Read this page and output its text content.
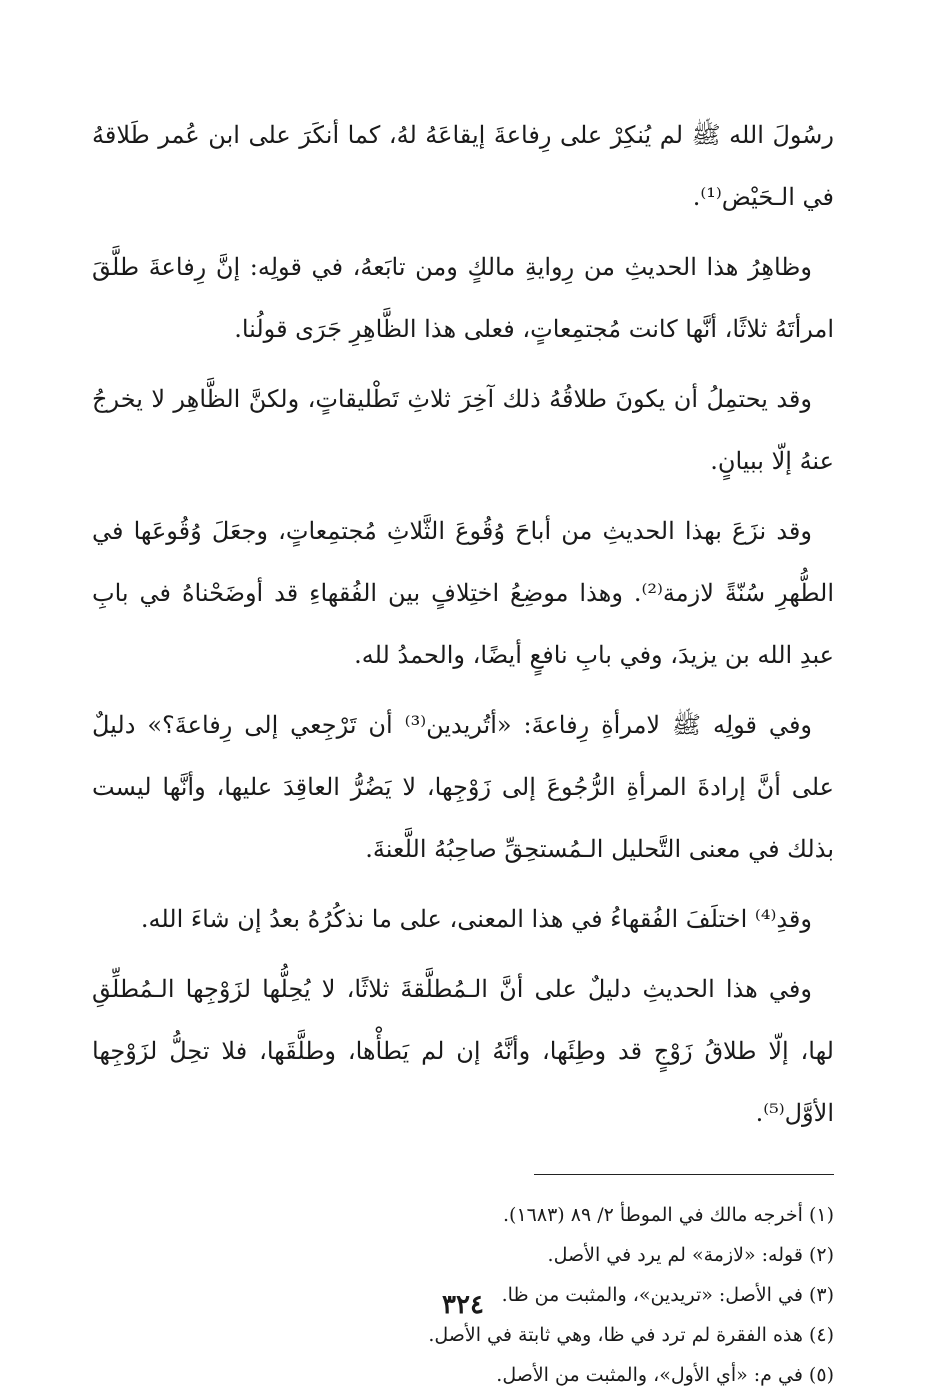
رسُولَ الله ﷺ لم يُنكِرْ على رِفاعةَ إيقاعَهُ لهُ، كما أنكَرَ على ابن عُمر طَلاقهُ في الـحَيْض⁽¹⁾.

وظاهِرُ هذا الحديثِ من رِوايةِ مالكٍ ومن تابَعهُ، في قولِه: إنَّ رِفاعةَ طلَّقَ امرأتَهُ ثلاثًا، أنَّها كانت مُجتمِعاتٍ، فعلى هذا الظَّاهِرِ جَرَى قولُنا.

وقد يحتمِلُ أن يكونَ طلاقُهُ ذلك آخِرَ ثلاثِ تَطْليقاتٍ، ولكنَّ الظَّاهِر لا يخرجُ عنهُ إلّا ببيانٍ.

وقد نزَعَ بهذا الحديثِ من أباحَ وُقُوعَ الثَّلاثِ مُجتمِعاتٍ، وجعَلَ وُقُوعَها في الطُّهرِ سُنّةً لازمة⁽²⁾. وهذا موضِعُ اختِلافٍ بين الفُقهاءِ قد أوضَحْناهُ في بابِ عبدِ الله بن يزيدَ، وفي بابِ نافعٍ أيضًا، والحمدُ لله.

وفي قولِه ﷺ لامرأةِ رِفاعةَ: «أتُريدين⁽³⁾ أن تَرْجِعي إلى رِفاعةَ؟» دليلٌ على أنَّ إرادةَ المرأةِ الرُّجُوعَ إلى زَوْجِها، لا يَضُرُّ العاقِدَ عليها، وأنَّها ليست بذلك في معنى التَّحليل الـمُستحِقِّ صاحِبُهُ اللَّعنةَ.

وقدِ⁽⁴⁾ اختلَفَ الفُقهاءُ في هذا المعنى، على ما نذكُرُهُ بعدُ إن شاءَ الله.

وفي هذا الحديثِ دليلٌ على أنَّ الـمُطلَّقةَ ثلاثًا، لا يُحِلُّها لزَوْجِها الـمُطلِّقِ لها، إلّا طلاقُ زَوْجٍ قد وطِئَها، وأنَّهُ إن لم يَطأْها، وطلَّقَها، فلا تحِلُّ لزَوْجِها الأوَّل⁽⁵⁾.

(١) أخرجه مالك في الموطأ ٢/ ٨٩ (١٦٨٣).
(٢) قوله: «لازمة» لم يرد في الأصل.
(٣) في الأصل: «تريدين»، والمثبت من ظا.
(٤) هذه الفقرة لم ترد في ظا، وهي ثابتة في الأصل.
(٥) في م: «أي الأول»، والمثبت من الأصل.
٣٢٤
